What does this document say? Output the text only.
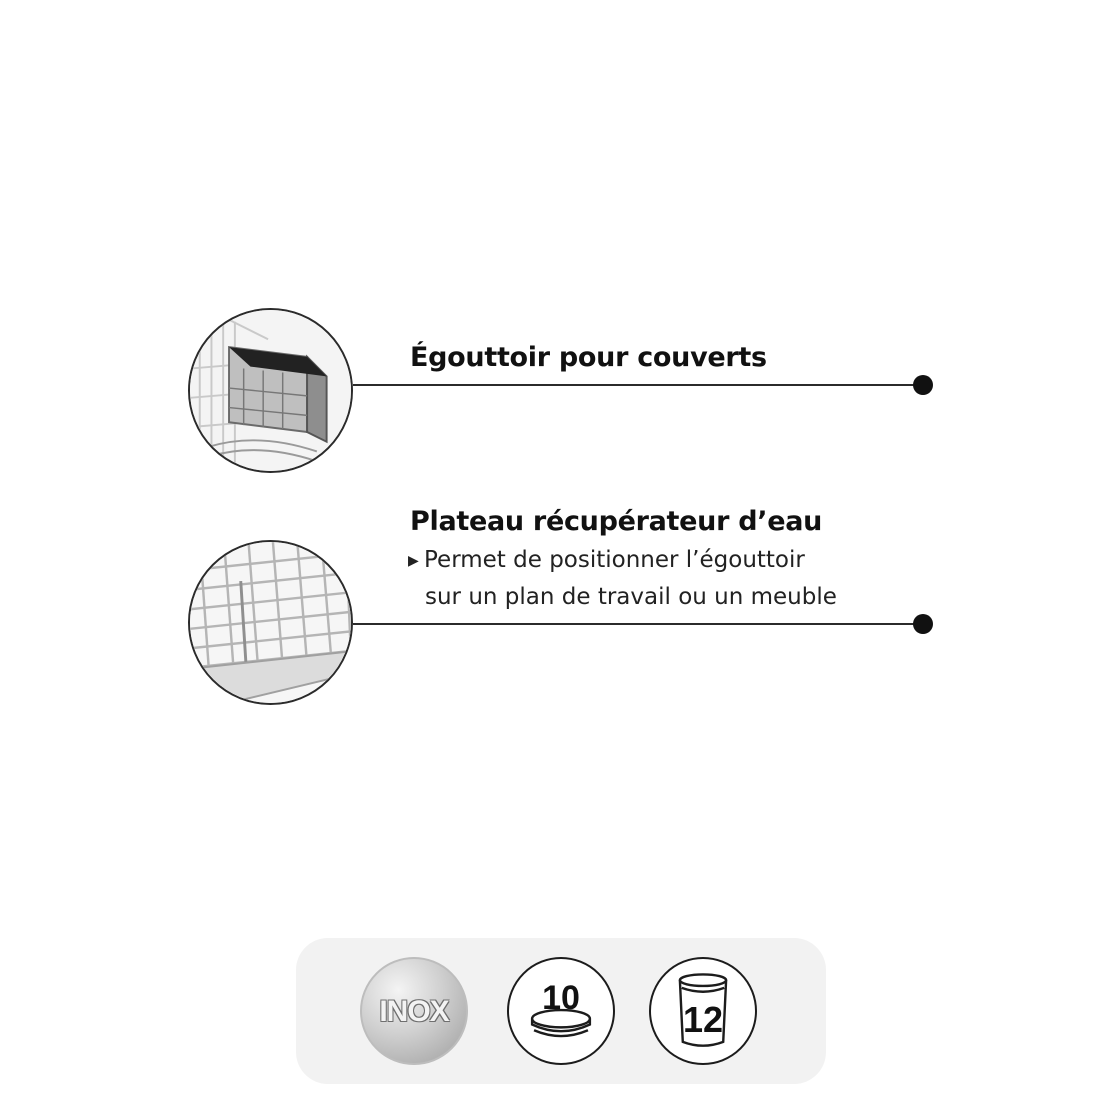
Égouttoir pour couverts
Plateau récupérateur d’eau
▶ Permet de positionner l’égouttoir
sur un plan de travail ou un meuble
INOX	10
12
